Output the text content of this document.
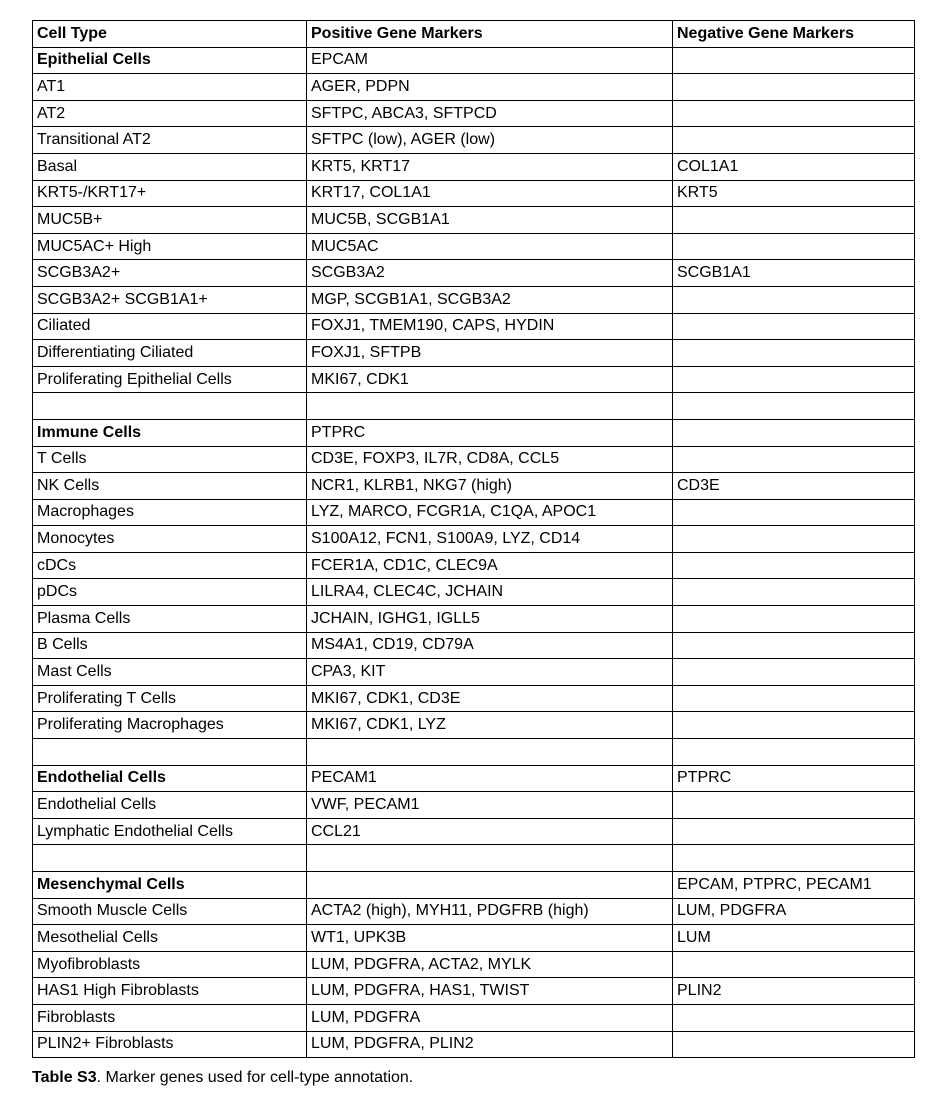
Cell Type	Positive Gene Markers	Negative Gene Markers
Epithelial Cells	EPCAM	
AT1	AGER, PDPN	
AT2	SFTPC, ABCA3, SFTPCD	
Transitional AT2	SFTPC (low), AGER (low)	
Basal	KRT5, KRT17	COL1A1
KRT5-/KRT17+	KRT17, COL1A1	KRT5
MUC5B+	MUC5B, SCGB1A1	
MUC5AC+ High	MUC5AC	
SCGB3A2+	SCGB3A2	SCGB1A1
SCGB3A2+ SCGB1A1+	MGP, SCGB1A1, SCGB3A2	
Ciliated	FOXJ1, TMEM190, CAPS, HYDIN	
Differentiating Ciliated	FOXJ1, SFTPB	
Proliferating Epithelial Cells	MKI67, CDK1	

Immune Cells	PTPRC	
T Cells	CD3E, FOXP3, IL7R, CD8A, CCL5	
NK Cells	NCR1, KLRB1, NKG7 (high)	CD3E
Macrophages	LYZ, MARCO, FCGR1A, C1QA, APOC1	
Monocytes	S100A12, FCN1, S100A9, LYZ, CD14	
cDCs	FCER1A, CD1C, CLEC9A	
pDCs	LILRA4, CLEC4C, JCHAIN	
Plasma Cells	JCHAIN, IGHG1, IGLL5	
B Cells	MS4A1, CD19, CD79A	
Mast Cells	CPA3, KIT	
Proliferating T Cells	MKI67, CDK1, CD3E	
Proliferating Macrophages	MKI67, CDK1, LYZ	

Endothelial Cells	PECAM1	PTPRC
Endothelial Cells	VWF, PECAM1	
Lymphatic Endothelial Cells	CCL21	

Mesenchymal Cells		EPCAM, PTPRC, PECAM1
Smooth Muscle Cells	ACTA2 (high), MYH11, PDGFRB (high)	LUM, PDGFRA
Mesothelial Cells	WT1, UPK3B	LUM
Myofibroblasts	LUM, PDGFRA, ACTA2, MYLK	
HAS1 High Fibroblasts	LUM, PDGFRA, HAS1, TWIST	PLIN2
Fibroblasts	LUM, PDGFRA	
PLIN2+ Fibroblasts	LUM, PDGFRA, PLIN2	
Table S3. Marker genes used for cell-type annotation.
